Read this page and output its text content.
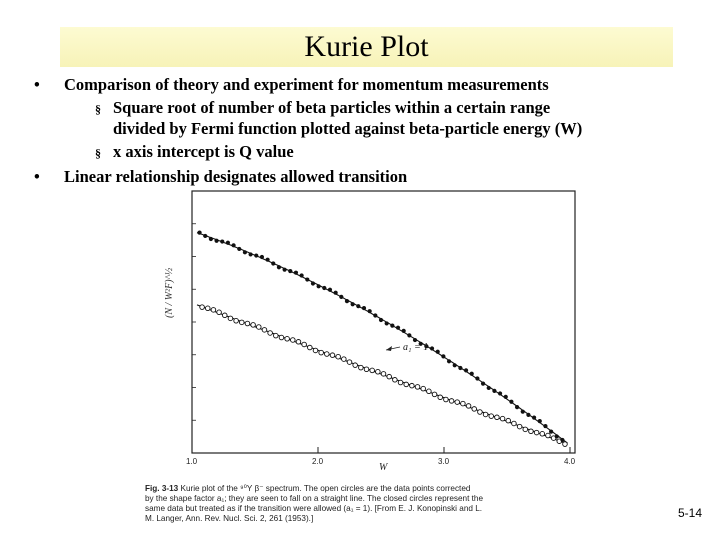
Kurie Plot
• Comparison of theory and experiment for momentum measurements
§ Square root of number of beta particles within a certain range
divided by Fermi function plotted against beta-particle energy (W)
§ x axis intercept is Q value
• Linear relationship designates allowed transition
(N / W²F)^½
1.0	2.0	3.0	4.0
a₁ = 1
W
Fig. 3-13 Kurie plot of the ⁹⁰Y β⁻ spectrum. The open circles are the data points corrected
by the shape factor a₁; they are seen to fall on a straight line. The closed circles represent the
same data but treated as if the transition were allowed (a₁ = 1). [From E. J. Konopinski and L.
M. Langer, Ann. Rev. Nucl. Sci. 2, 261 (1953).]	5-14
